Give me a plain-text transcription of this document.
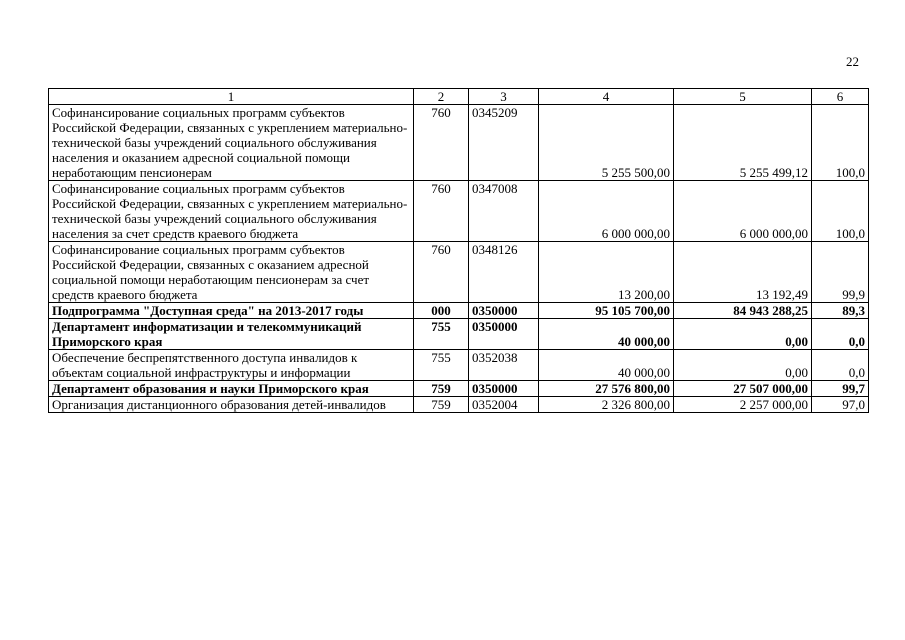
22
1	2	3	4	5	6
Софинансирование социальных программ субъектов Российской Федерации, связанных с укреплением материально-технической базы учреждений социального обслуживания населения и оказанием адресной социальной помощи неработающим пенсионерам	760	0345209	5 255 500,00	5 255 499,12	100,0
Софинансирование социальных программ субъектов Российской Федерации, связанных с укреплением материально-технической базы учреждений социального обслуживания населения за счет средств краевого бюджета	760	0347008	6 000 000,00	6 000 000,00	100,0
Софинансирование социальных программ субъектов Российской Федерации, связанных с оказанием адресной социальной помощи неработающим пенсионерам за счет средств краевого бюджета	760	0348126	13 200,00	13 192,49	99,9
Подпрограмма "Доступная среда" на 2013-2017 годы	000	0350000	95 105 700,00	84 943 288,25	89,3
Департамент информатизации и телекоммуникаций Приморского края	755	0350000	40 000,00	0,00	0,0
Обеспечение беспрепятственного доступа инвалидов к объектам социальной инфраструктуры и информации	755	0352038	40 000,00	0,00	0,0
Департамент образования и науки Приморского края	759	0350000	27 576 800,00	27 507 000,00	99,7
Организация дистанционного образования детей-инвалидов	759	0352004	2 326 800,00	2 257 000,00	97,0
